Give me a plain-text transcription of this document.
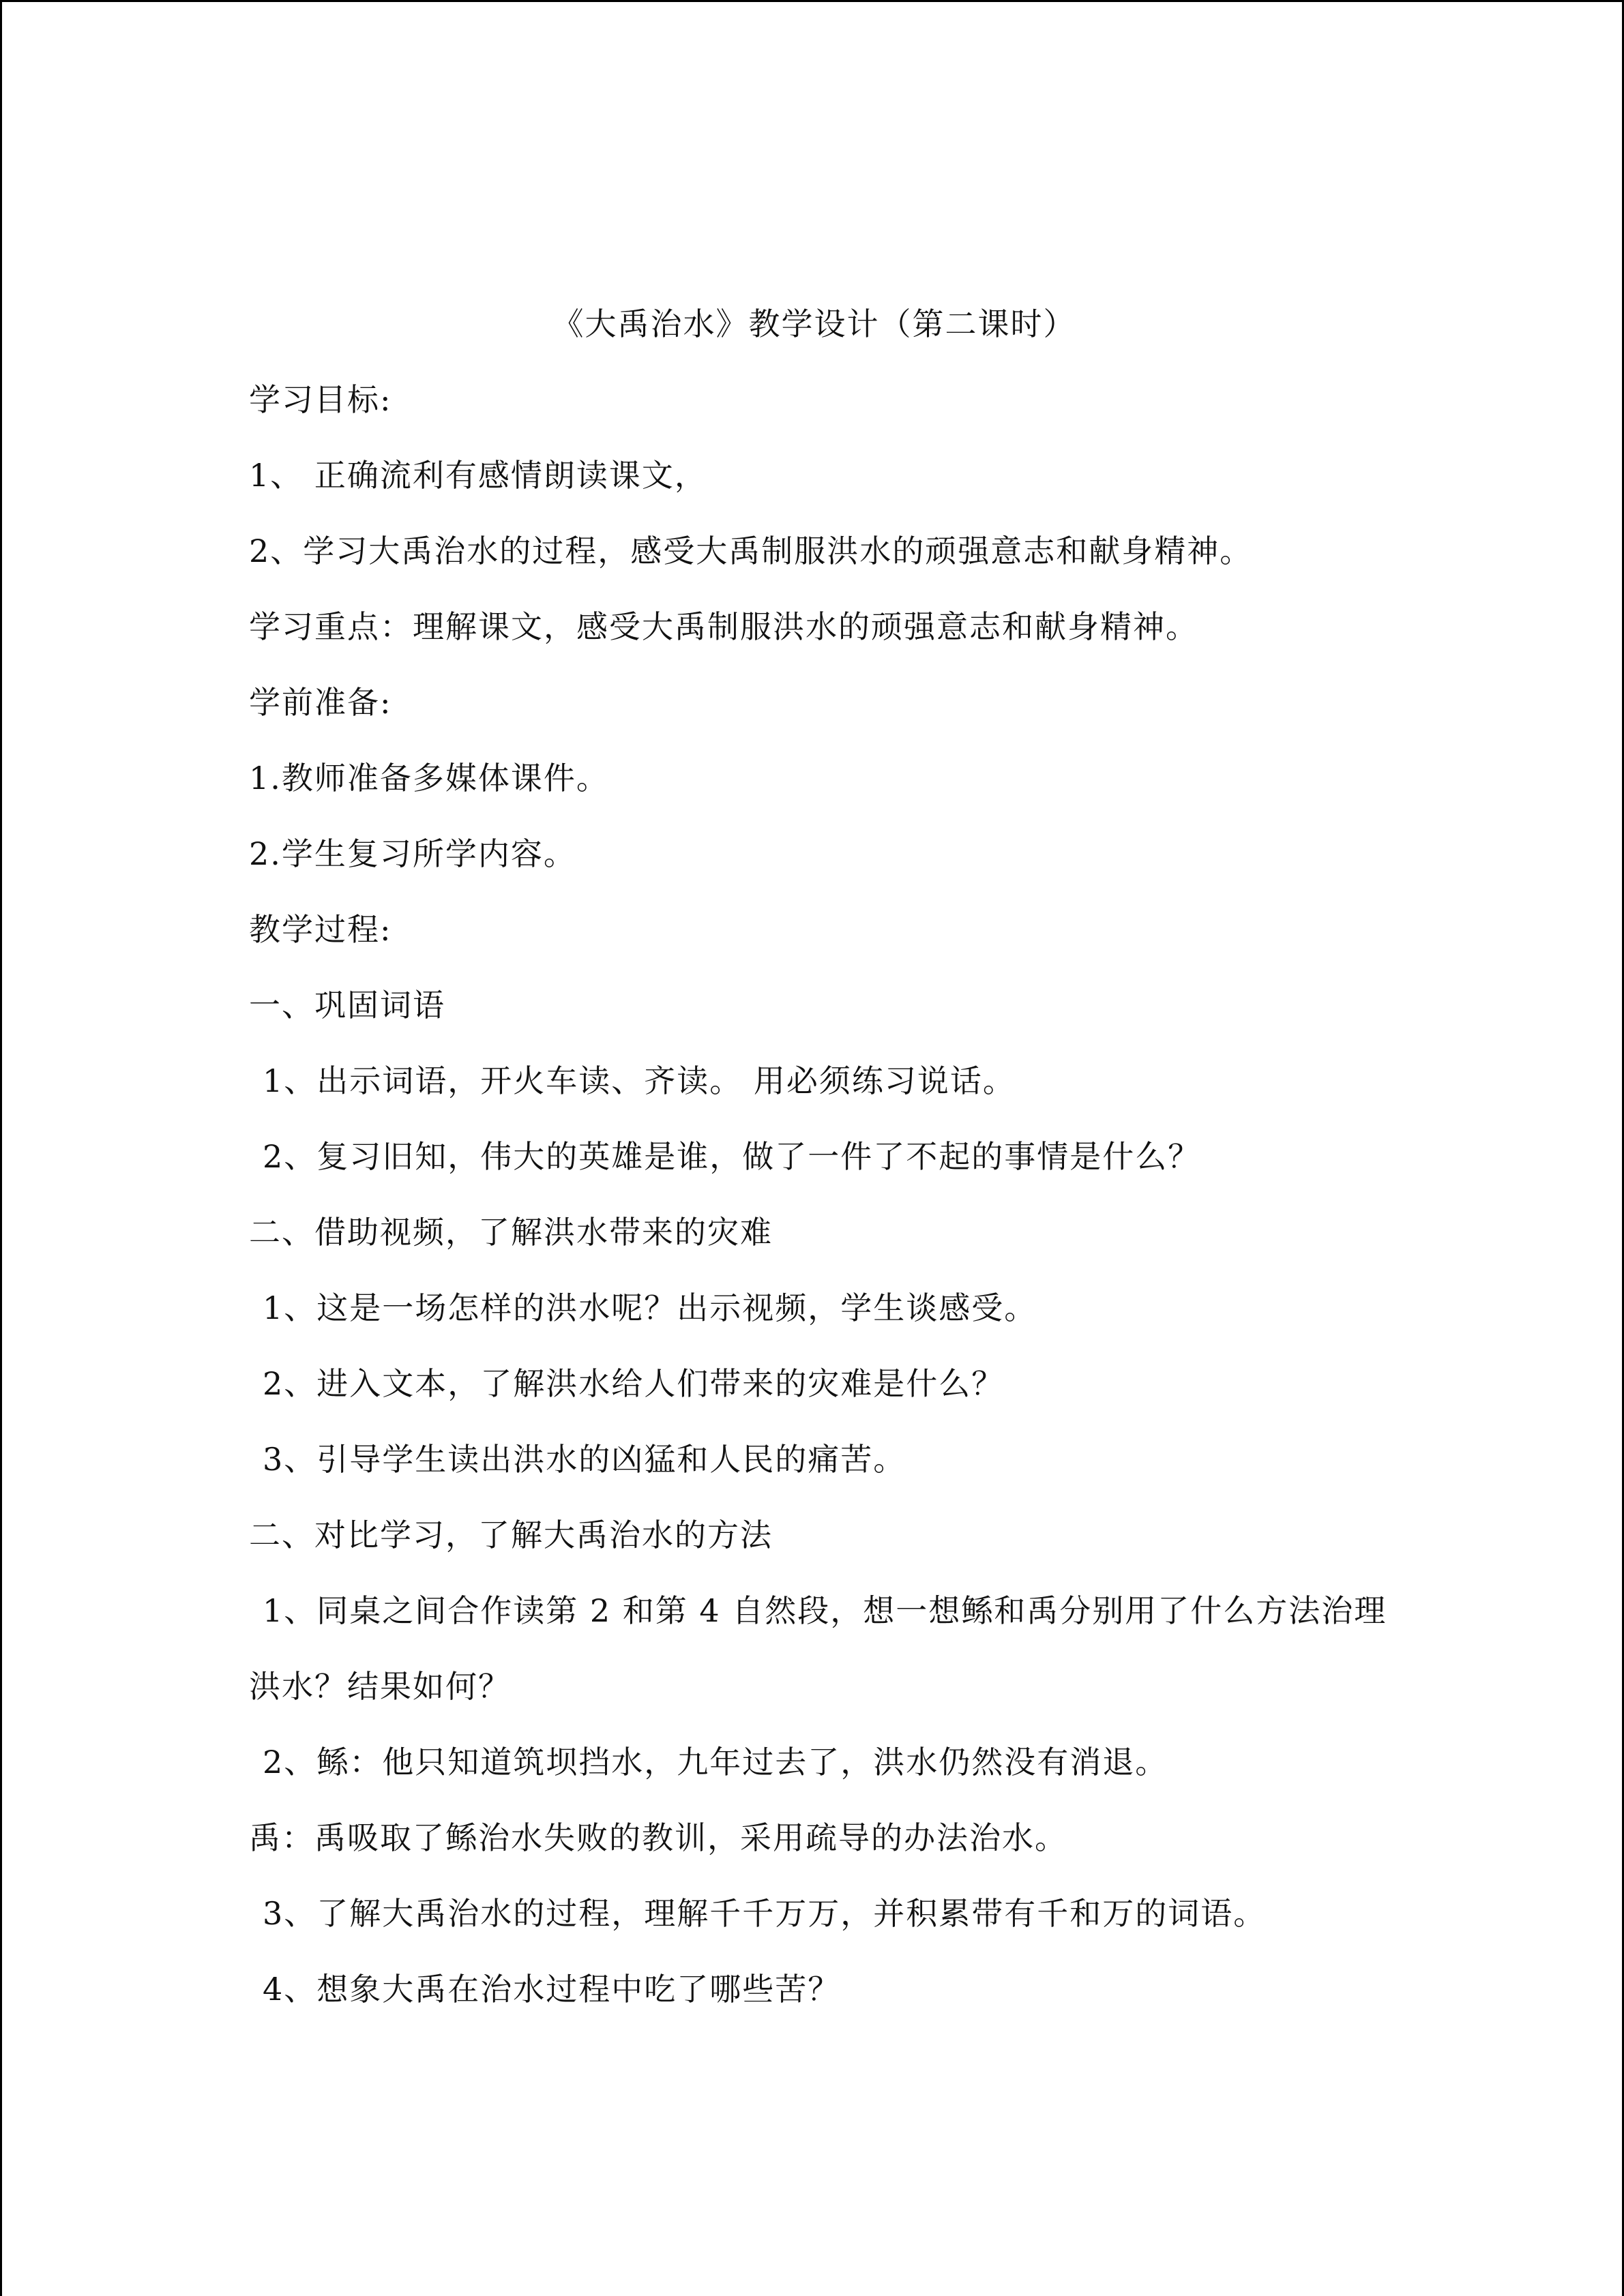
《大禹治水》教学设计（第二课时）
学习目标:
1、 正确流利有感情朗读课文，
2、学习大禹治水的过程，感受大禹制服洪水的顽强意志和献身精神。
学习重点：理解课文，感受大禹制服洪水的顽强意志和献身精神。
学前准备:
1.教师准备多媒体课件。
2.学生复习所学内容。
教学过程:
一、巩固词语
1、出示词语，开火车读、齐读。 用必须练习说话。
2、复习旧知，伟大的英雄是谁，做了一件了不起的事情是什么？
二、借助视频，了解洪水带来的灾难
1、这是一场怎样的洪水呢？出示视频，学生谈感受。
2、进入文本，了解洪水给人们带来的灾难是什么？
3、引导学生读出洪水的凶猛和人民的痛苦。
二、对比学习，了解大禹治水的方法
1、同桌之间合作读第 2 和第 4 自然段，想一想鲧和禹分别用了什么方法治理
洪水？结果如何？
2、鲧：他只知道筑坝挡水，九年过去了，洪水仍然没有消退。
禹：禹吸取了鲧治水失败的教训，采用疏导的办法治水。
3、了解大禹治水的过程，理解千千万万，并积累带有千和万的词语。
4、想象大禹在治水过程中吃了哪些苦？
